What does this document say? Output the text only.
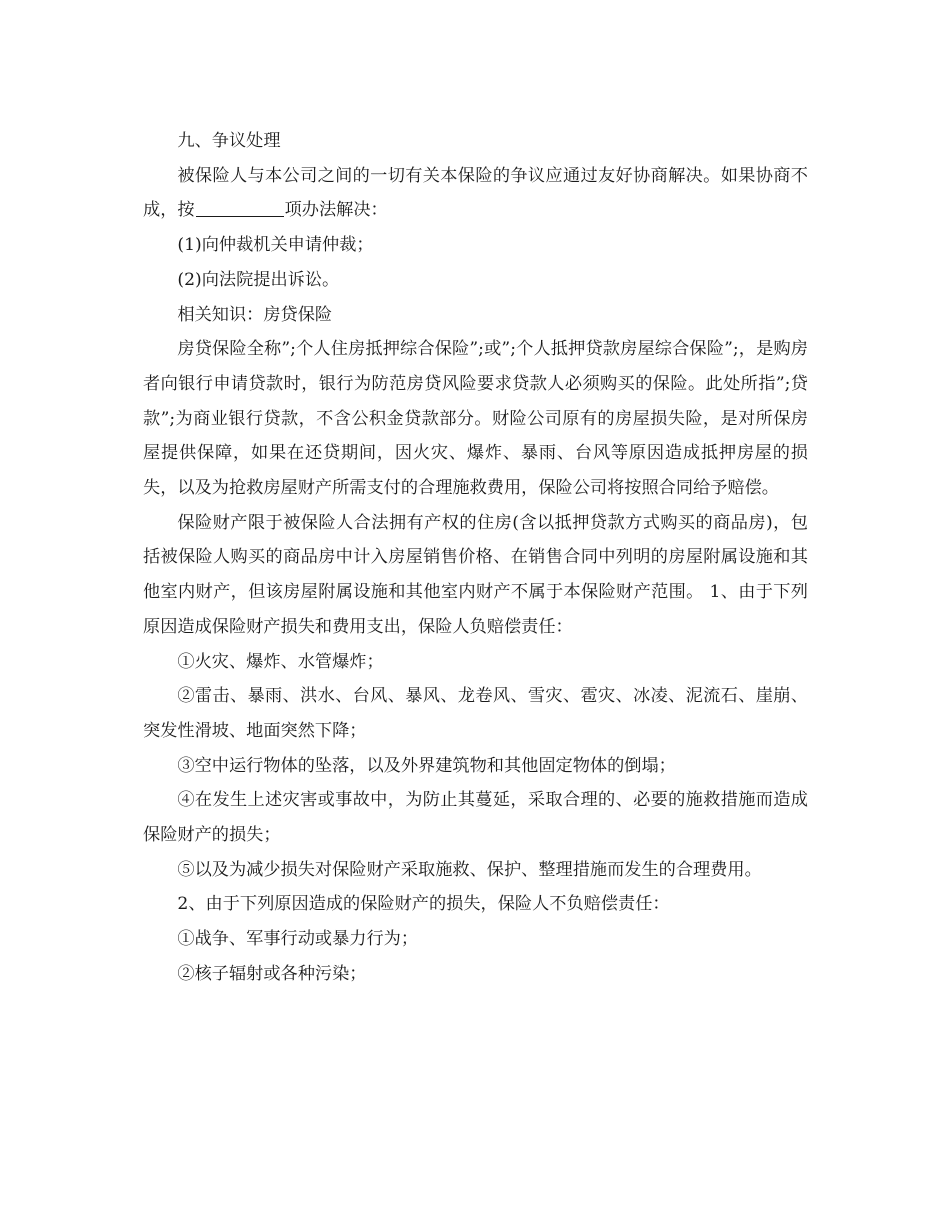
九、争议处理

被保险人与本公司之间的一切有关本保险的争议应通过友好协商解决。如果协商不成，按	项办法解决：

(1)向仲裁机关申请仲裁；

(2)向法院提出诉讼。

相关知识：房贷保险

房贷保险全称”;个人住房抵押综合保险”;或”;个人抵押贷款房屋综合保险”;，是购房者向银行申请贷款时，银行为防范房贷风险要求贷款人必须购买的保险。此处所指”;贷款”;为商业银行贷款，不含公积金贷款部分。财险公司原有的房屋损失险，是对所保房屋提供保障，如果在还贷期间，因火灾、爆炸、暴雨、台风等原因造成抵押房屋的损失，以及为抢救房屋财产所需支付的合理施救费用，保险公司将按照合同给予赔偿。

保险财产限于被保险人合法拥有产权的住房(含以抵押贷款方式购买的商品房)，包括被保险人购买的商品房中计入房屋销售价格、在销售合同中列明的房屋附属设施和其他室内财产，但该房屋附属设施和其他室内财产不属于本保险财产范围。 1、由于下列原因造成保险财产损失和费用支出，保险人负赔偿责任：

①火灾、爆炸、水管爆炸；

②雷击、暴雨、洪水、台风、暴风、龙卷风、雪灾、雹灾、冰凌、泥流石、崖崩、突发性滑坡、地面突然下降；

③空中运行物体的坠落，以及外界建筑物和其他固定物体的倒塌；

④在发生上述灾害或事故中，为防止其蔓延，采取合理的、必要的施救措施而造成保险财产的损失；

⑤以及为减少损失对保险财产采取施救、保护、整理措施而发生的合理费用。

2、由于下列原因造成的保险财产的损失，保险人不负赔偿责任：

①战争、军事行动或暴力行为；

②核子辐射或各种污染；
